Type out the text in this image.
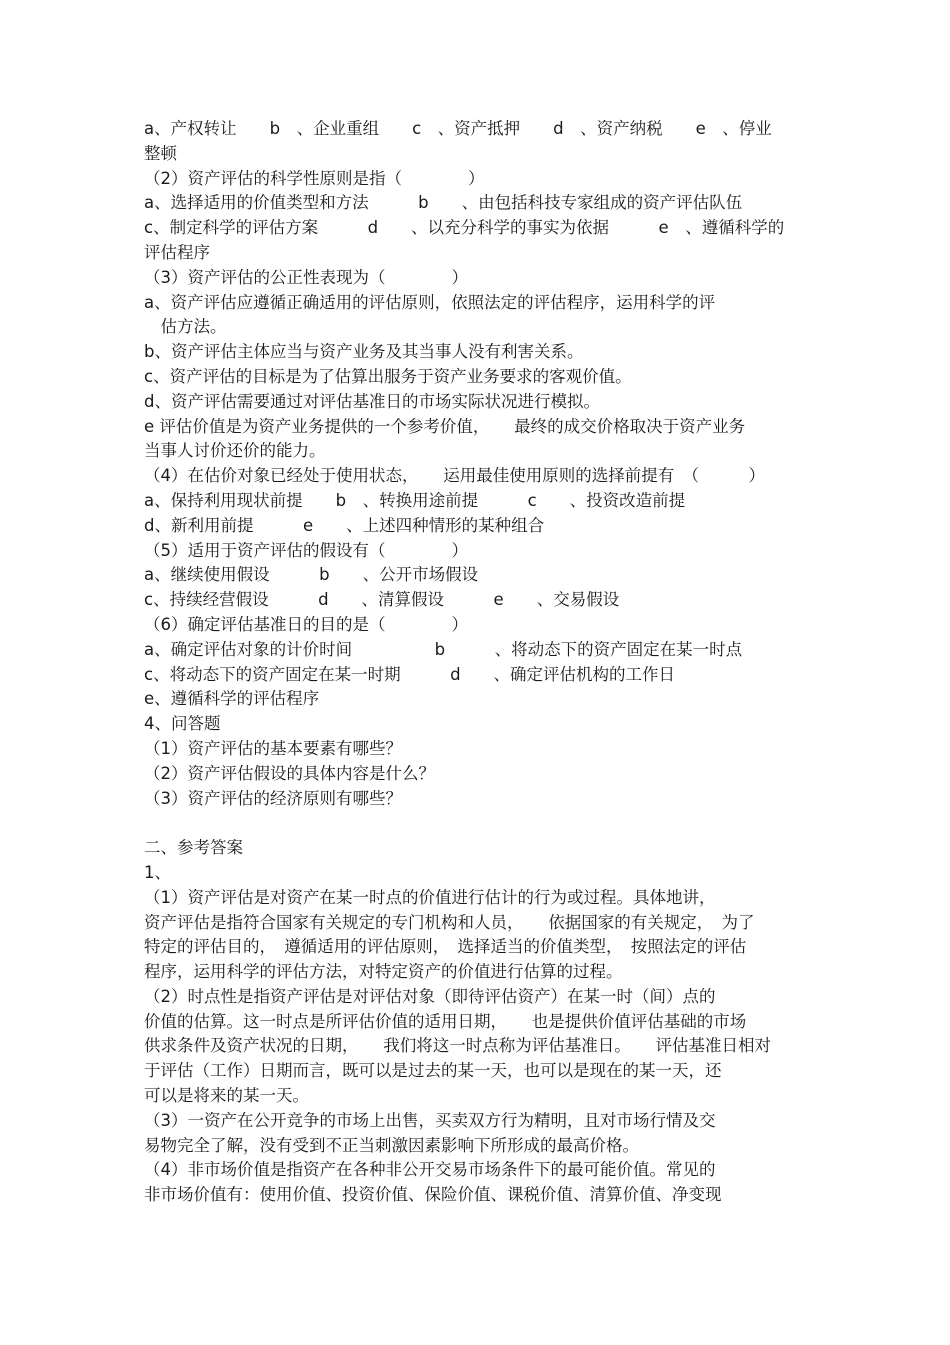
a、产权转让　　b　、企业重组　　c　、资产抵押　　d　、资产纳税　　e　、停业
整顿
（2）资产评估的科学性原则是指（　　　　）
a、选择适用的价值类型和方法　　　b　　、由包括科技专家组成的资产评估队伍
c、制定科学的评估方案　　　d　　、以充分科学的事实为依据　　　e　、遵循科学的
评估程序
（3）资产评估的公正性表现为（　　　　）
a、资产评估应遵循正确适用的评估原则，依照法定的评估程序，运用科学的评
　估方法。
b、资产评估主体应当与资产业务及其当事人没有利害关系。
c、资产评估的目标是为了估算出服务于资产业务要求的客观价值。
d、资产评估需要通过对评估基准日的市场实际状况进行模拟。
e 评估价值是为资产业务提供的一个参考价值，　　最终的成交价格取决于资产业务
当事人讨价还价的能力。
（4）在估价对象已经处于使用状态，　　运用最佳使用原则的选择前提有　（　　　）
a、保持利用现状前提　　b　、转换用途前提　　　c　　、投资改造前提
d、新利用前提　　　e　　、上述四种情形的某种组合
（5）适用于资产评估的假设有（　　　　）
a、继续使用假设　　　b　　、公开市场假设
c、持续经营假设　　　d　　、清算假设　　　e　　、交易假设
（6）确定评估基准日的目的是（　　　　）
a、确定评估对象的计价时间　　　　　b　　　、将动态下的资产固定在某一时点
c、将动态下的资产固定在某一时期　　　d　　、确定评估机构的工作日
e、遵循科学的评估程序
4、问答题
（1）资产评估的基本要素有哪些？
（2）资产评估假设的具体内容是什么？
（3）资产评估的经济原则有哪些？
二、参考答案
1、
（1）资产评估是对资产在某一时点的价值进行估计的行为或过程。具体地讲，
资产评估是指符合国家有关规定的专门机构和人员，　　依据国家的有关规定，　为了
特定的评估目的，　遵循适用的评估原则，　选择适当的价值类型，　按照法定的评估
程序，运用科学的评估方法，对特定资产的价值进行估算的过程。
（2）时点性是指资产评估是对评估对象（即待评估资产）在某一时（间）点的
价值的估算。这一时点是所评估价值的适用日期，　　也是提供价值评估基础的市场
供求条件及资产状况的日期，　　我们将这一时点称为评估基准日。　　评估基准日相对
于评估（工作）日期而言，既可以是过去的某一天，也可以是现在的某一天，还
可以是将来的某一天。
（3）一资产在公开竞争的市场上出售，买卖双方行为精明，且对市场行情及交
易物完全了解，没有受到不正当刺激因素影响下所形成的最高价格。
（4）非市场价值是指资产在各种非公开交易市场条件下的最可能价值。常见的
非市场价值有：使用价值、投资价值、保险价值、课税价值、清算价值、净变现
